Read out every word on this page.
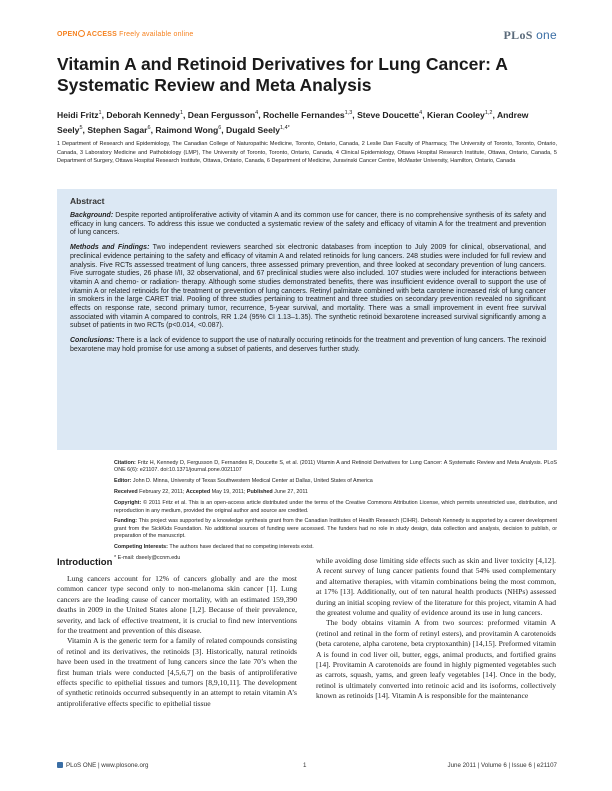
OPEN ACCESS Freely available online	PLoS one
Vitamin A and Retinoid Derivatives for Lung Cancer: A Systematic Review and Meta Analysis
Heidi Fritz$^1$, Deborah Kennedy$^1$, Dean Fergusson$^4$, Rochelle Fernandes$^{1,3}$, Steve Doucette$^4$, Kieran Cooley$^{1,2}$, Andrew Seely$^5$, Stephen Sagar$^6$, Raimond Wong$^6$, Dugald Seely$^{1,4*}$
1 Department of Research and Epidemiology, The Canadian College of Naturopathic Medicine, Toronto, Ontario, Canada, 2 Leslie Dan Faculty of Pharmacy, The University of Toronto, Toronto, Ontario, Canada, 3 Laboratory Medicine and Pathobiology (LMP), The University of Toronto, Toronto, Ontario, Canada, 4 Clinical Epidemiology, Ottawa Hospital Research Institute, Ottawa, Ontario, Canada, 5 Department of Surgery, Ottawa Hospital Research Institute, Ottawa, Ontario, Canada, 6 Department of Medicine, Juravinski Cancer Centre, McMaster University, Hamilton, Ontario, Canada
Abstract

Background: Despite reported antiproliferative activity of vitamin A and its common use for cancer, there is no comprehensive synthesis of its safety and efficacy in lung cancers. To address this issue we conducted a systematic review of the safety and efficacy of vitamin A for the treatment and prevention of lung cancers.

Methods and Findings: Two independent reviewers searched six electronic databases from inception to July 2009 for clinical, observational, and preclinical evidence pertaining to the safety and efficacy of vitamin A and related retinoids for lung cancers. 248 studies were included for full review and analysis. Five RCTs assessed treatment of lung cancers, three assessed primary prevention, and three looked at secondary prevention of lung cancers. Five surrogate studies, 26 phase I/II, 32 observational, and 67 preclinical studies were also included. 107 studies were included for interactions between vitamin A and chemo- or radiation- therapy. Although some studies demonstrated benefits, there was insufficient evidence overall to support the use of vitamin A or related retinoids for the treatment or prevention of lung cancers. Retinyl palmitate combined with beta carotene increased risk of lung cancer in smokers in the large CARET trial. Pooling of three studies pertaining to treatment and three studies on secondary prevention revealed no significant effects on response rate, second primary tumor, recurrence, 5-year survival, and mortality. There was a small improvement in event free survival associated with vitamin A compared to controls, RR 1.24 (95% CI 1.13–1.35). The synthetic retinoid bexarotene increased survival significantly among a subset of patients in two RCTs (p<0.014, <0.087).

Conclusions: There is a lack of evidence to support the use of naturally occuring retinoids for the treatment and prevention of lung cancers. The rexinoid bexarotene may hold promise for use among a subset of patients, and deserves further study.

Citation: Fritz H, Kennedy D, Fergusson D, Fernandes R, Doucette S, et al. (2011) Vitamin A and Retinoid Derivatives for Lung Cancer: A Systematic Review and Meta Analysis. PLoS ONE 6(6): e21107. doi:10.1371/journal.pone.0021107

Editor: John D. Minna, University of Texas Southwestern Medical Center at Dallas, United States of America

Received February 22, 2011; Accepted May 19, 2011; Published June 27, 2011

Copyright: © 2011 Fritz et al. This is an open-access article distributed under the terms of the Creative Commons Attribution License, which permits unrestricted use, distribution, and reproduction in any medium, provided the original author and source are credited.

Funding: This project was supported by a knowledge synthesis grant from the Canadian Institutes of Health Research (CIHR). Deborah Kennedy is supported by a career development grant from the SickKids Foundation. No additional sources of funding were accessed. The funders had no role in study design, data collection and analysis, decision to publish, or preparation of the manuscript.

Competing Interests: The authors have declared that no competing interests exist.

* E-mail: dseely@ccnm.edu

Introduction

Lung cancers account for 12% of cancers globally and are the most common cancer type second only to non-melanoma skin cancer [1]. Lung cancers are the leading cause of cancer mortality, with an estimated 159,390 deaths in 2009 in the United States alone [1,2]. Because of their prevalence, severity, and lack of effective treatment, it is crucial to find new interventions for the treatment and prevention of this disease.

Vitamin A is the generic term for a family of related compounds consisting of retinol and its derivatives, the retinoids [3]. Historically, natural retinoids have been used in the treatment of lung cancers since the late 70’s when the first human trials were conducted [4,5,6,7] on the basis of antiproliferative effects specific to epithelial tissues and tumors [8,9,10,11]. The development of synthetic retinoids occurred subsequently in an attempt to retain vitamin A’s antiproliferative effects specific to epithelial tissue

while avoiding dose limiting side effects such as skin and liver toxicity [4,12]. A recent survey of lung cancer patients found that 54% used complementary and alternative therapies, with vitamin combinations being the most common, at 17% [13]. Additionally, out of ten natural health products (NHPs) assessed during an initial scoping review of the literature for this project, vitamin A had the greatest volume and quality of evidence around its use in lung cancers.

The body obtains vitamin A from two sources: preformed vitamin A (retinol and retinal in the form of retinyl esters), and provitamin A carotenoids (beta carotene, alpha carotene, beta cryptoxanthin) [14,15]. Preformed vitamin A is found in cod liver oil, butter, eggs, animal products, and fortified grains [14]. Provitamin A carotenoids are found in highly pigmented vegetables such as carrots, squash, yams, and green leafy vegetables [14]. Once in the body, retinol is ultimately converted into retinoic acid and its isoforms, collectively known as retinoids [14]. Vitamin A is responsible for the maintenance

PLoS ONE | www.plosone.org	1	June 2011 | Volume 6 | Issue 6 | e21107
